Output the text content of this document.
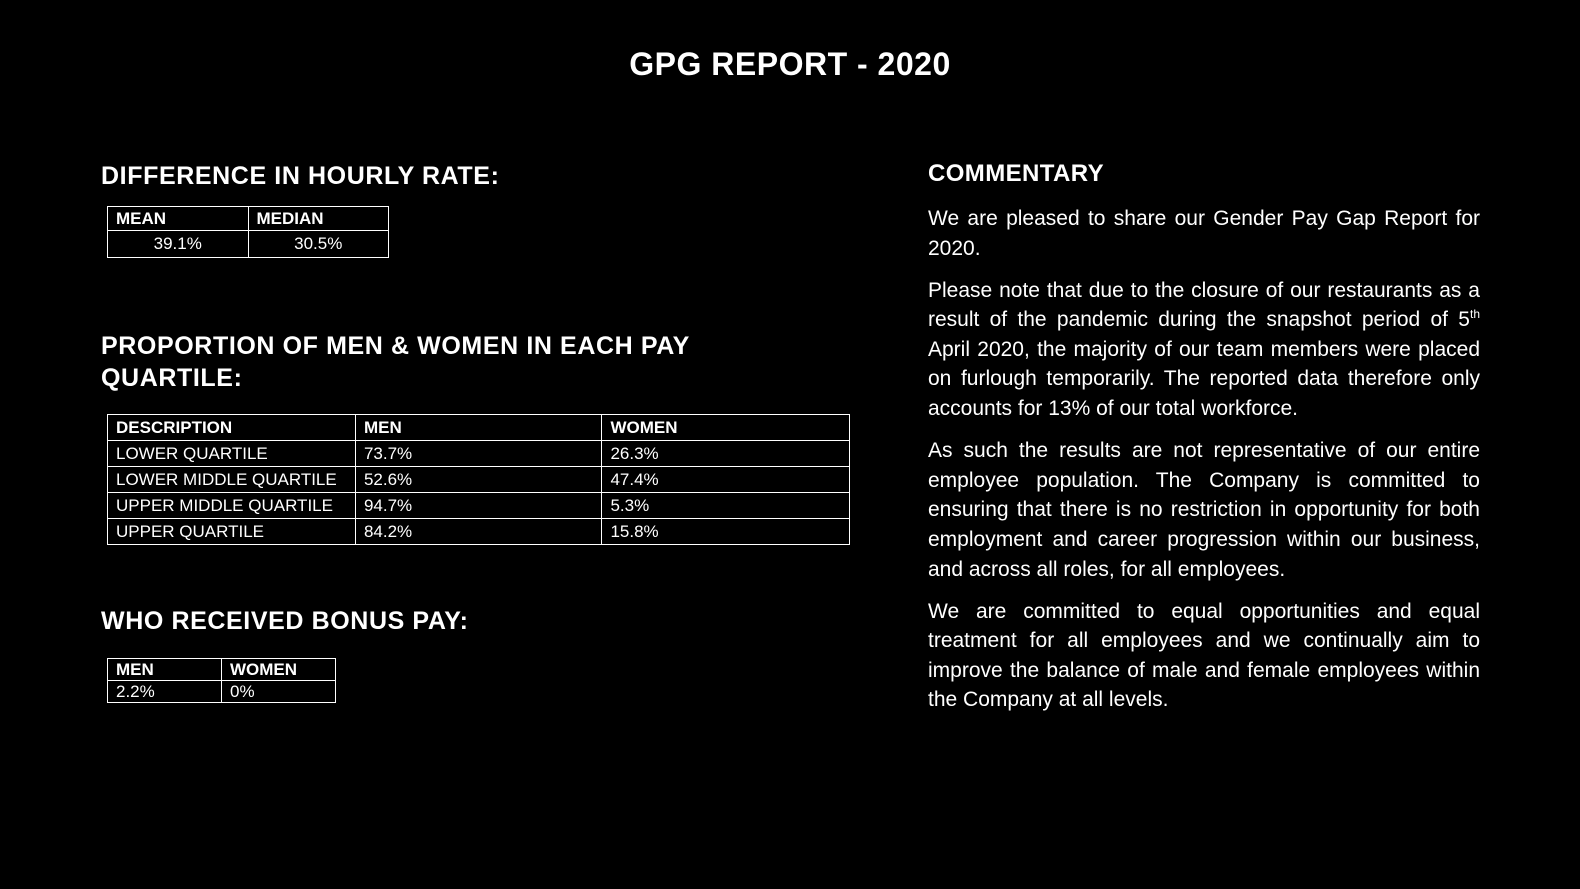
GPG REPORT - 2020
DIFFERENCE IN HOURLY RATE:
MEAN	MEDIAN
39.1%	30.5%
PROPORTION OF MEN & WOMEN IN EACH PAY QUARTILE:
DESCRIPTION	MEN	WOMEN
LOWER QUARTILE	73.7%	26.3%
LOWER MIDDLE QUARTILE	52.6%	47.4%
UPPER MIDDLE QUARTILE	94.7%	5.3%
UPPER QUARTILE	84.2%	15.8%
WHO RECEIVED BONUS PAY:
MEN	WOMEN
2.2%	0%
COMMENTARY

We are pleased to share our Gender Pay Gap Report for 2020.

Please note that due to the closure of our restaurants as a result of the pandemic during the snapshot period of 5th April 2020, the majority of our team members were placed on furlough temporarily. The reported data therefore only accounts for 13% of our total workforce.

As such the results are not representative of our entire employee population. The Company is committed to ensuring that there is no restriction in opportunity for both employment and career progression within our business, and across all roles, for all employees.

We are committed to equal opportunities and equal treatment for all employees and we continually aim to improve the balance of male and female employees within the Company at all levels.
